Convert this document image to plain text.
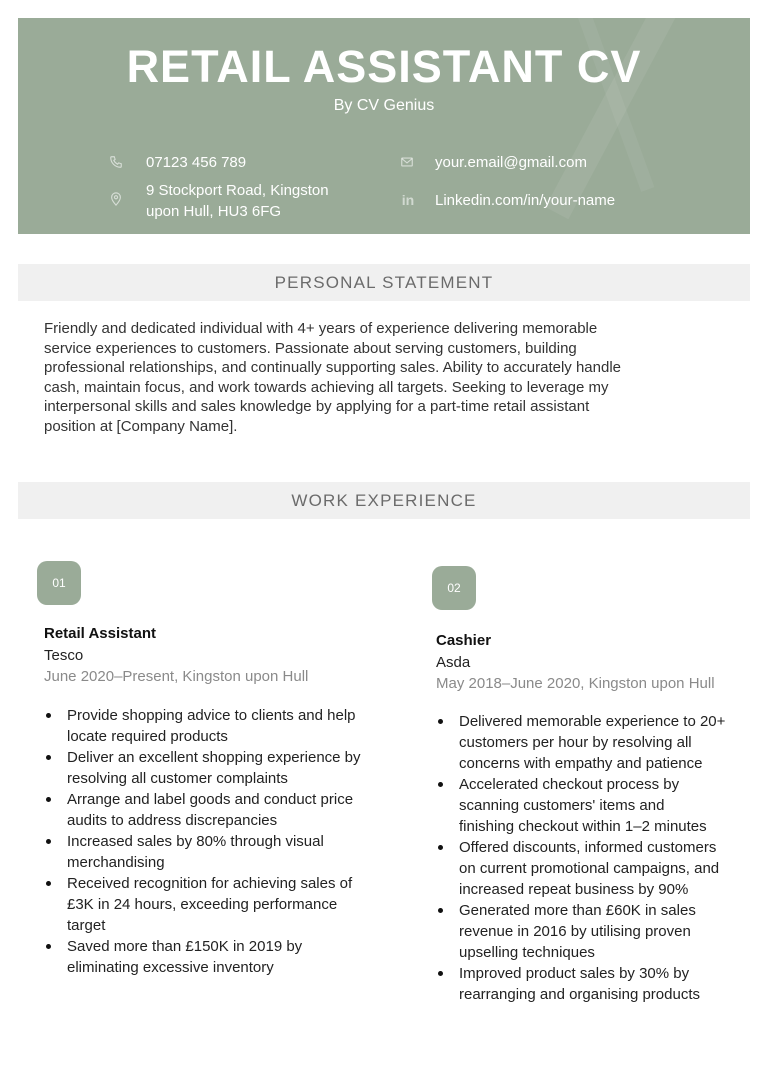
RETAIL ASSISTANT CV
By CV Genius
07123 456 789
9 Stockport Road, Kingston
upon Hull, HU3 6FG
your.email@gmail.com
in Linkedin.com/in/your-name
PERSONAL STATEMENT
Friendly and dedicated individual with 4+ years of experience delivering memorable
service experiences to customers. Passionate about serving customers, building
professional relationships, and continually supporting sales. Ability to accurately handle
cash, maintain focus, and work towards achieving all targets. Seeking to leverage my
interpersonal skills and sales knowledge by applying for a part-time retail assistant
position at [Company Name].
WORK EXPERIENCE
01
Retail Assistant
Tesco
June 2020–Present, Kingston upon Hull
Provide shopping advice to clients and help
locate required products
Deliver an excellent shopping experience by
resolving all customer complaints
Arrange and label goods and conduct price
audits to address discrepancies
Increased sales by 80% through visual
merchandising
Received recognition for achieving sales of
£3K in 24 hours, exceeding performance
target
Saved more than £150K in 2019 by
eliminating excessive inventory
02
Cashier
Asda
May 2018–June 2020, Kingston upon Hull
Delivered memorable experience to 20+
customers per hour by resolving all
concerns with empathy and patience
Accelerated checkout process by
scanning customers' items and
finishing checkout within 1–2 minutes
Offered discounts, informed customers
on current promotional campaigns, and
increased repeat business by 90%
Generated more than £60K in sales
revenue in 2016 by utilising proven
upselling techniques
Improved product sales by 30% by
rearranging and organising products
